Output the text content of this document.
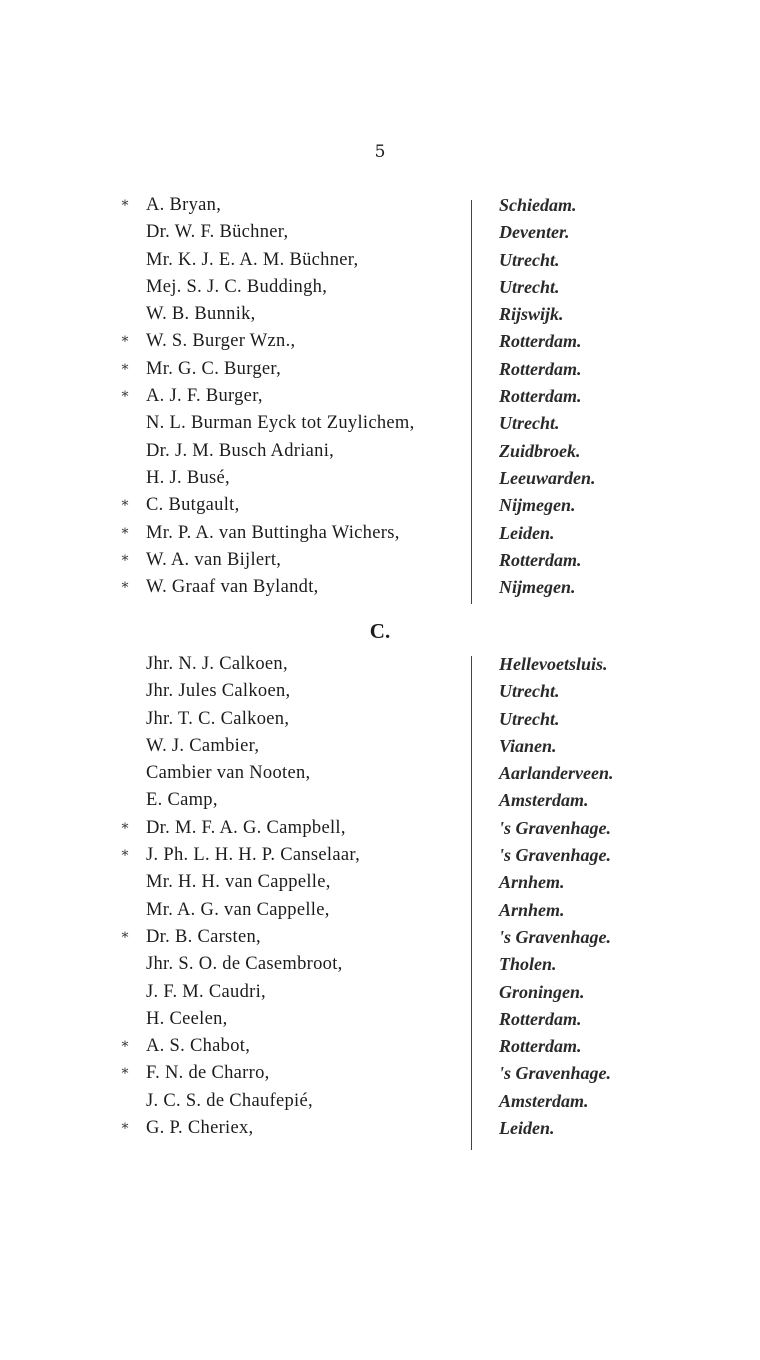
5
* A. Bryan,	Schiedam.
Dr. W. F. Büchner,	Deventer.
Mr. K. J. E. A. M. Büchner,	Utrecht.
Mej. S. J. C. Buddingh,	Utrecht.
W. B. Bunnik,	Rijswijk.
* W. S. Burger Wzn.,	Rotterdam.
* Mr. G. C. Burger,	Rotterdam.
* A. J. F. Burger,	Rotterdam.
N. L. Burman Eyck tot Zuylichem,	Utrecht.
Dr. J. M. Busch Adriani,	Zuidbroek.
H. J. Busé,	Leeuwarden.
* C. Butgault,	Nijmegen.
* Mr. P. A. van Buttingha Wichers,	Leiden.
* W. A. van Bijlert,	Rotterdam.
* W. Graaf van Bylandt,	Nijmegen.
C.
Jhr. N. J. Calkoen,	Hellevoetsluis.
Jhr. Jules Calkoen,	Utrecht.
Jhr. T. C. Calkoen,	Utrecht.
W. J. Cambier,	Vianen.
Cambier van Nooten,	Aarlanderveen.
E. Camp,	Amsterdam.
* Dr. M. F. A. G. Campbell,	's Gravenhage.
* J. Ph. L. H. H. P. Canselaar,	's Gravenhage.
Mr. H. H. van Cappelle,	Arnhem.
Mr. A. G. van Cappelle,	Arnhem.
* Dr. B. Carsten,	's Gravenhage.
Jhr. S. O. de Casembroot,	Tholen.
J. F. M. Caudri,	Groningen.
H. Ceelen,	Rotterdam.
* A. S. Chabot,	Rotterdam.
* F. N. de Charro,	's Gravenhage.
J. C. S. de Chaufepié,	Amsterdam.
* G. P. Cheriex,	Leiden.
